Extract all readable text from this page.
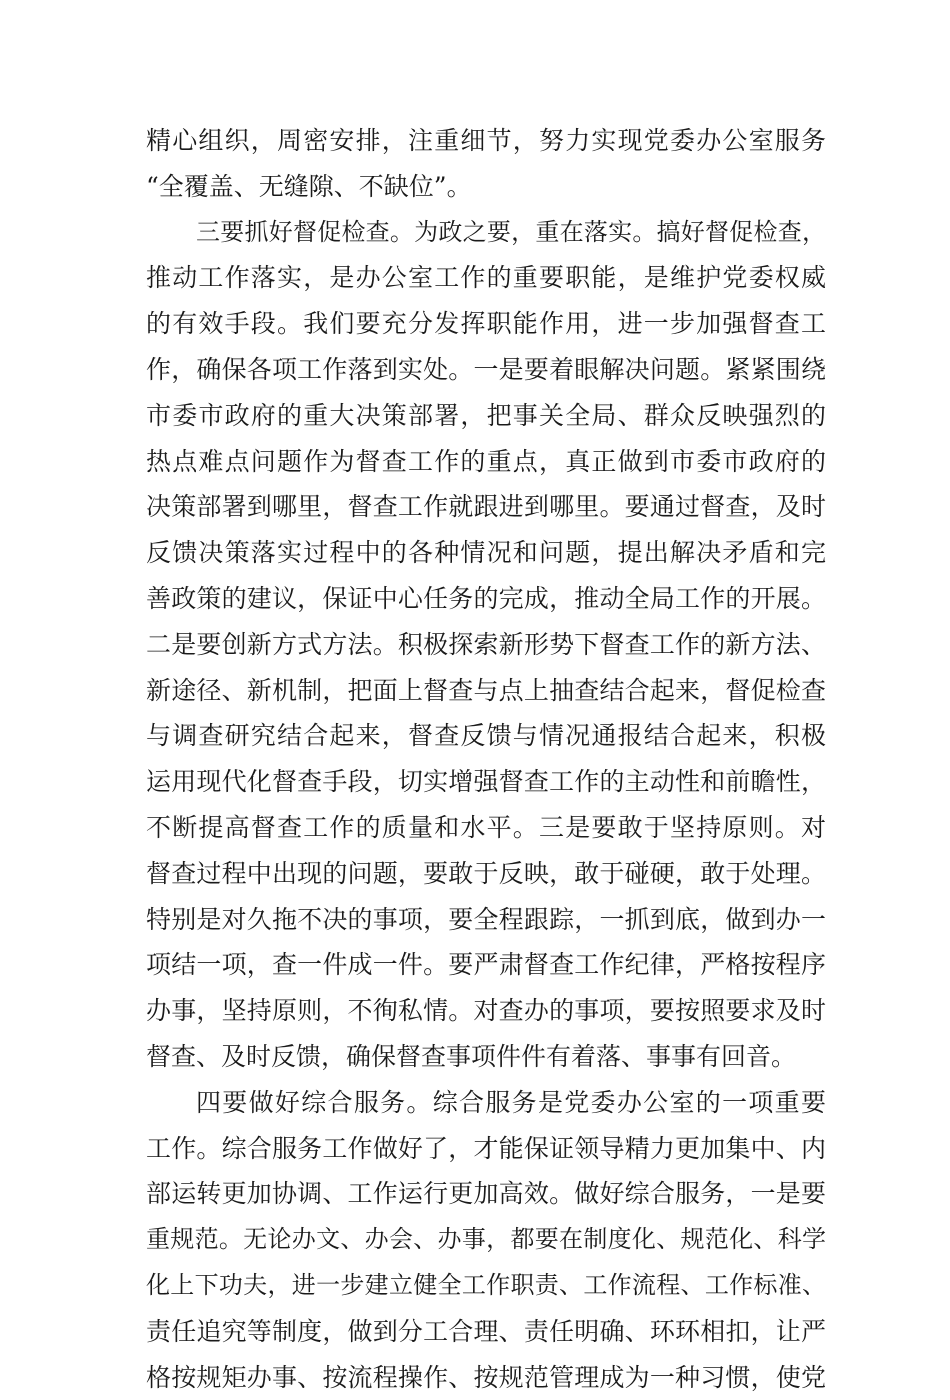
精心组织，周密安排，注重细节，努力实现党委办公室服务
“全覆盖、无缝隙、不缺位”。
三要抓好督促检查。为政之要，重在落实。搞好督促检查，
推动工作落实，是办公室工作的重要职能，是维护党委权威
的有效手段。我们要充分发挥职能作用，进一步加强督查工
作，确保各项工作落到实处。一是要着眼解决问题。紧紧围绕
市委市政府的重大决策部署，把事关全局、群众反映强烈的
热点难点问题作为督查工作的重点，真正做到市委市政府的
决策部署到哪里，督查工作就跟进到哪里。要通过督查，及时
反馈决策落实过程中的各种情况和问题，提出解决矛盾和完
善政策的建议，保证中心任务的完成，推动全局工作的开展。
二是要创新方式方法。积极探索新形势下督查工作的新方法、
新途径、新机制，把面上督查与点上抽查结合起来，督促检查
与调查研究结合起来，督查反馈与情况通报结合起来，积极
运用现代化督查手段，切实增强督查工作的主动性和前瞻性，
不断提高督查工作的质量和水平。三是要敢于坚持原则。对
督查过程中出现的问题，要敢于反映，敢于碰硬，敢于处理。
特别是对久拖不决的事项，要全程跟踪，一抓到底，做到办一
项结一项，查一件成一件。要严肃督查工作纪律，严格按程序
办事，坚持原则，不徇私情。对查办的事项，要按照要求及时
督查、及时反馈，确保督查事项件件有着落、事事有回音。
四要做好综合服务。综合服务是党委办公室的一项重要
工作。综合服务工作做好了，才能保证领导精力更加集中、内
部运转更加协调、工作运行更加高效。做好综合服务，一是要
重规范。无论办文、办会、办事，都要在制度化、规范化、科学
化上下功夫，进一步建立健全工作职责、工作流程、工作标准、
责任追究等制度，做到分工合理、责任明确、环环相扣，让严
格按规矩办事、按流程操作、按规范管理成为一种习惯，使党
